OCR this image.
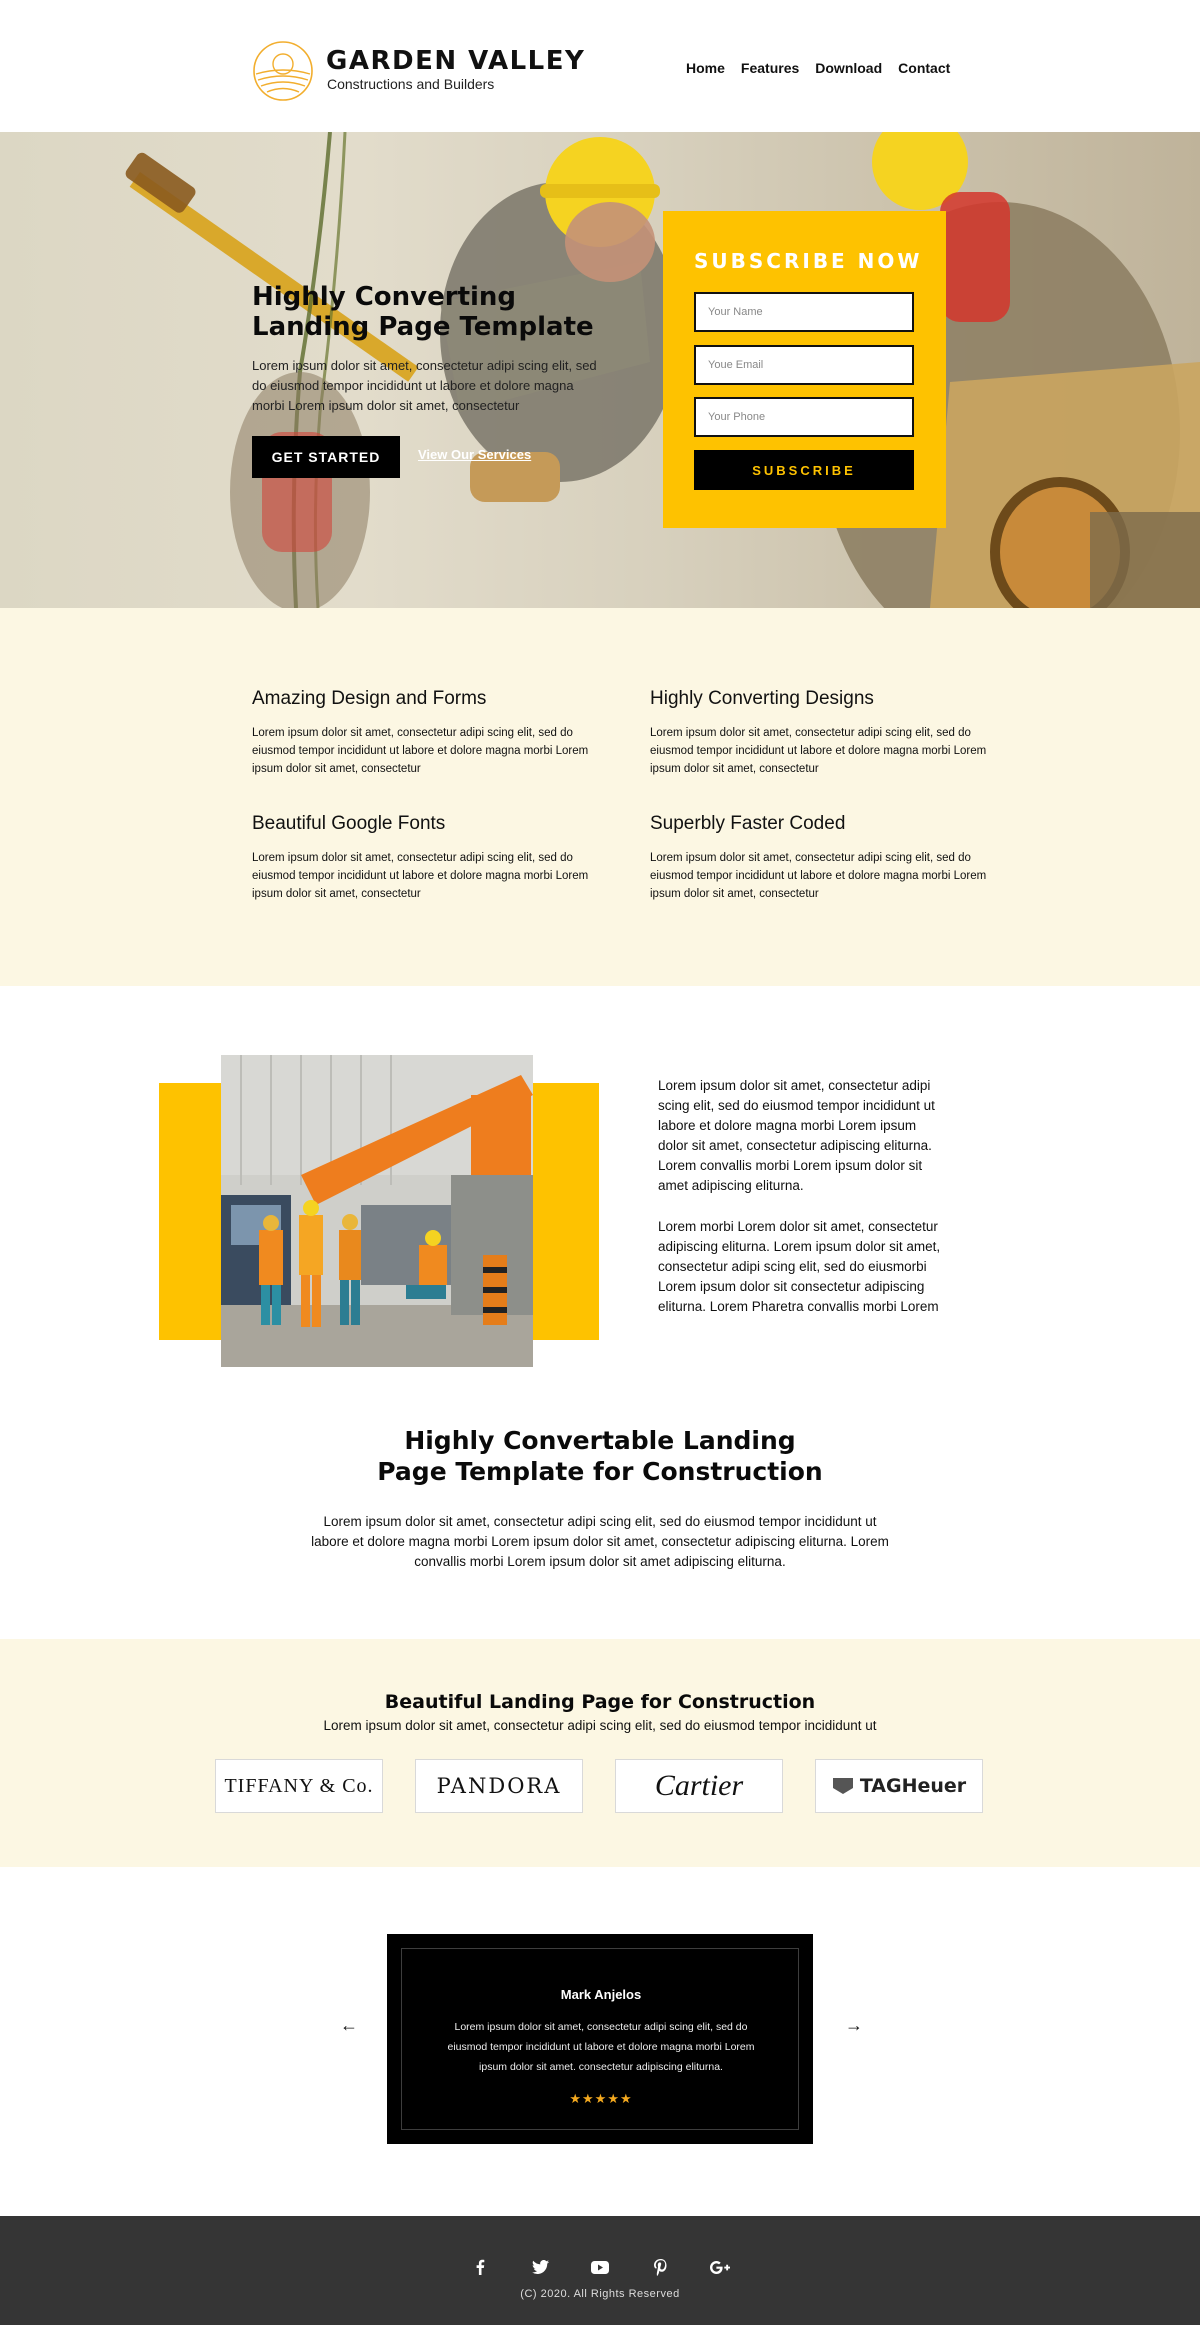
GARDEN VALLEY
Constructions and Builders
Home Features Download Contact
Highly Converting
Landing Page Template

Lorem ipsum dolor sit amet, consectetur adipi scing elit, sed do eiusmod tempor incididunt ut labore et dolore magna morbi Lorem ipsum dolor sit amet, consectetur

GET STARTED	View Our Services
SUBSCRIBE NOW
Your Name
Youe Email
Your Phone
SUBSCRIBE
Amazing Design and Forms

Lorem ipsum dolor sit amet, consectetur adipi scing elit, sed do eiusmod tempor incididunt ut labore et dolore magna morbi Lorem ipsum dolor sit amet, consectetur

Highly Converting Designs

Lorem ipsum dolor sit amet, consectetur adipi scing elit, sed do eiusmod tempor incididunt ut labore et dolore magna morbi Lorem ipsum dolor sit amet, consectetur

Beautiful Google Fonts

Lorem ipsum dolor sit amet, consectetur adipi scing elit, sed do eiusmod tempor incididunt ut labore et dolore magna morbi Lorem ipsum dolor sit amet, consectetur

Superbly Faster Coded

Lorem ipsum dolor sit amet, consectetur adipi scing elit, sed do eiusmod tempor incididunt ut labore et dolore magna morbi Lorem ipsum dolor sit amet, consectetur

Lorem ipsum dolor sit amet, consectetur adipi scing elit, sed do eiusmod tempor incididunt ut labore et dolore magna morbi Lorem ipsum dolor sit amet, consectetur adipiscing eliturna. Lorem convallis morbi Lorem ipsum dolor sit amet adipiscing eliturna.

Lorem morbi Lorem dolor sit amet, consectetur adipiscing eliturna. Lorem ipsum dolor sit amet, consectetur adipi scing elit, sed do eiusmorbi Lorem ipsum dolor sit consectetur adipiscing eliturna. Lorem Pharetra convallis morbi Lorem

Highly Convertable Landing
Page Template for Construction

Lorem ipsum dolor sit amet, consectetur adipi scing elit, sed do eiusmod tempor incididunt ut labore et dolore magna morbi Lorem ipsum dolor sit amet, consectetur adipiscing eliturna. Lorem convallis morbi Lorem ipsum dolor sit amet adipiscing eliturna.

Beautiful Landing Page for Construction
Lorem ipsum dolor sit amet, consectetur adipi scing elit, sed do eiusmod tempor incididunt ut
TIFFANY & Co.	PANDORA	Cartier	TAGHeuer
←
Mark Anjelos
Lorem ipsum dolor sit amet, consectetur adipi scing elit, sed do eiusmod tempor incididunt ut labore et dolore magna morbi Lorem ipsum dolor sit amet. consectetur adipiscing eliturna.
★★★★★
→
(C) 2020. All Rights Reserved
